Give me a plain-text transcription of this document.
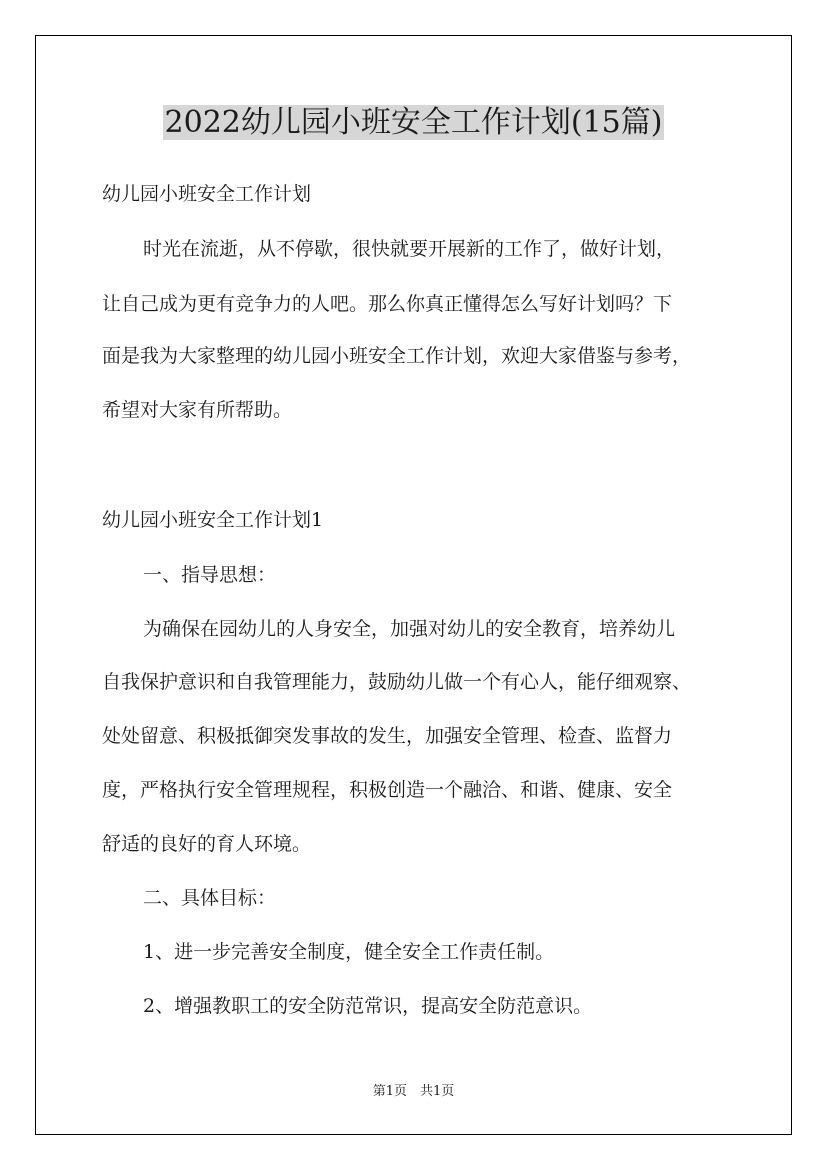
2022幼儿园小班安全工作计划(15篇)
幼儿园小班安全工作计划
时光在流逝，从不停歇，很快就要开展新的工作了，做好计划，
让自己成为更有竞争力的人吧。那么你真正懂得怎么写好计划吗？下
面是我为大家整理的幼儿园小班安全工作计划，欢迎大家借鉴与参考，
希望对大家有所帮助。
幼儿园小班安全工作计划1
一、指导思想：
为确保在园幼儿的人身安全，加强对幼儿的安全教育，培养幼儿
自我保护意识和自我管理能力，鼓励幼儿做一个有心人，能仔细观察、
处处留意、积极抵御突发事故的发生，加强安全管理、检查、监督力
度，严格执行安全管理规程，积极创造一个融洽、和谐、健康、安全
舒适的良好的育人环境。
二、具体目标：
1、进一步完善安全制度，健全安全工作责任制。
2、增强教职工的安全防范常识，提高安全防范意识。
第1页　共1页
